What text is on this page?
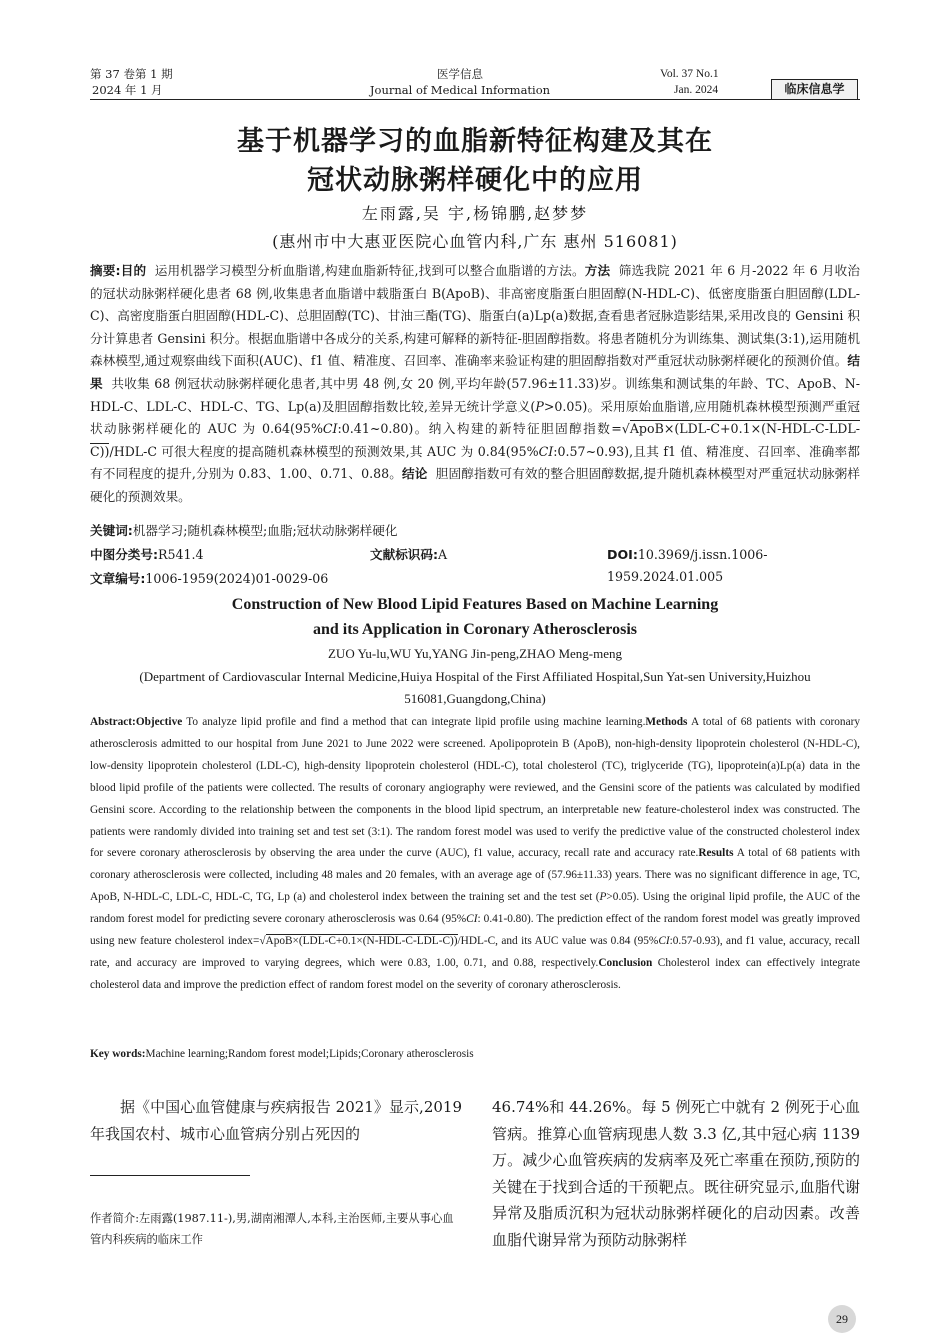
第 37 卷第 1 期
2024 年 1 月
医学信息
Journal of Medical Information
Vol. 37 No.1
Jan. 2024	临床信息学
基于机器学习的血脂新特征构建及其在
冠状动脉粥样硬化中的应用
左雨露,吴 宇,杨锦鹏,赵梦梦
(惠州市中大惠亚医院心血管内科,广东 惠州 516081)
摘要:目的 运用机器学习模型分析血脂谱,构建血脂新特征,找到可以整合血脂谱的方法。方法 筛选我院 2021 年 6 月-2022 年 6 月收治的冠状动脉粥样硬化患者 68 例,收集患者血脂谱中载脂蛋白 B(ApoB)、非高密度脂蛋白胆固醇(N-HDL-C)、低密度脂蛋白胆固醇(LDL-C)、高密度脂蛋白胆固醇(HDL-C)、总胆固醇(TC)、甘油三酯(TG)、脂蛋白(a)Lp(a)数据,查看患者冠脉造影结果,采用改良的 Gensini 积分计算患者 Gensini 积分。根据血脂谱中各成分的关系,构建可解释的新特征-胆固醇指数。将患者随机分为训练集、测试集(3:1),运用随机森林模型,通过观察曲线下面积(AUC)、f1 值、精准度、召回率、准确率来验证构建的胆固醇指数对严重冠状动脉粥样硬化的预测价值。结果 共收集 68 例冠状动脉粥样硬化患者,其中男 48 例,女 20 例,平均年龄(57.96±11.33)岁。训练集和测试集的年龄、TC、ApoB、N-HDL-C、LDL-C、HDL-C、TG、Lp(a)及胆固醇指数比较,差异无统计学意义(P>0.05)。采用原始血脂谱,应用随机森林模型预测严重冠状动脉粥样硬化的 AUC 为 0.64(95%CI:0.41~0.80)。纳入构建的新特征胆固醇指数=√ApoB×(LDL-C+0.1×(N-HDL-C-LDL-C))/HDL-C 可很大程度的提高随机森林模型的预测效果,其 AUC 为 0.84(95%CI:0.57~0.93),且其 f1 值、精准度、召回率、准确率都有不同程度的提升,分别为 0.83、1.00、0.71、0.88。结论 胆固醇指数可有效的整合胆固醇数据,提升随机森林模型对严重冠状动脉粥样硬化的预测效果。
关键词:机器学习;随机森林模型;血脂;冠状动脉粥样硬化
中图分类号:R541.4	文献标识码:A	DOI:10.3969/j.issn.1006-1959.2024.01.005
文章编号:1006-1959(2024)01-0029-06
Construction of New Blood Lipid Features Based on Machine Learning
and its Application in Coronary Atherosclerosis
ZUO Yu-lu,WU Yu,YANG Jin-peng,ZHAO Meng-meng
(Department of Cardiovascular Internal Medicine,Huiya Hospital of the First Affiliated Hospital,Sun Yat-sen University,Huizhou 516081,Guangdong,China)
Abstract:Objective To analyze lipid profile and find a method that can integrate lipid profile using machine learning.Methods A total of 68 patients with coronary atherosclerosis admitted to our hospital from June 2021 to June 2022 were screened. Apolipoprotein B (ApoB), non-high-density lipoprotein cholesterol (N-HDL-C), low-density lipoprotein cholesterol (LDL-C), high-density lipoprotein cholesterol (HDL-C), total cholesterol (TC), triglyceride (TG), lipoprotein(a)Lp(a) data in the blood lipid profile of the patients were collected. The results of coronary angiography were reviewed, and the Gensini score of the patients was calculated by modified Gensini score. According to the relationship between the components in the blood lipid spectrum, an interpretable new feature-cholesterol index was constructed. The patients were randomly divided into training set and test set (3:1). The random forest model was used to verify the predictive value of the constructed cholesterol index for severe coronary atherosclerosis by observing the area under the curve (AUC), f1 value, accuracy, recall rate and accuracy rate.Results A total of 68 patients with coronary atherosclerosis were collected, including 48 males and 20 females, with an average age of (57.96±11.33) years. There was no significant difference in age, TC, ApoB, N-HDL-C, LDL-C, HDL-C, TG, Lp (a) and cholesterol index between the training set and the test set (P>0.05). Using the original lipid profile, the AUC of the random forest model for predicting severe coronary atherosclerosis was 0.64 (95%CI: 0.41-0.80). The prediction effect of the random forest model was greatly improved using new feature cholesterol index=√ApoB×(LDL-C+0.1×(N-HDL-C-LDL-C))/HDL-C, and its AUC value was 0.84 (95%CI:0.57-0.93), and f1 value, accuracy, recall rate, and accuracy are improved to varying degrees, which were 0.83, 1.00, 0.71, and 0.88, respectively.Conclusion Cholesterol index can effectively integrate cholesterol data and improve the prediction effect of random forest model on the severity of coronary atherosclerosis.
Key words:Machine learning;Random forest model;Lipids;Coronary atherosclerosis
据《中国心血管健康与疾病报告 2021》显示,2019 年我国农村、城市心血管病分别占死因的
46.74%和 44.26%。每 5 例死亡中就有 2 例死于心血管病。推算心血管病现患人数 3.3 亿,其中冠心病 1139 万。减少心血管疾病的发病率及死亡率重在预防,预防的关键在于找到合适的干预靶点。既往研究显示,血脂代谢异常及脂质沉积为冠状动脉粥样硬化的启动因素。改善血脂代谢异常为预防动脉粥样
作者简介:左雨露(1987.11-),男,湖南湘潭人,本科,主治医师,主要从事心血管内科疾病的临床工作
29
